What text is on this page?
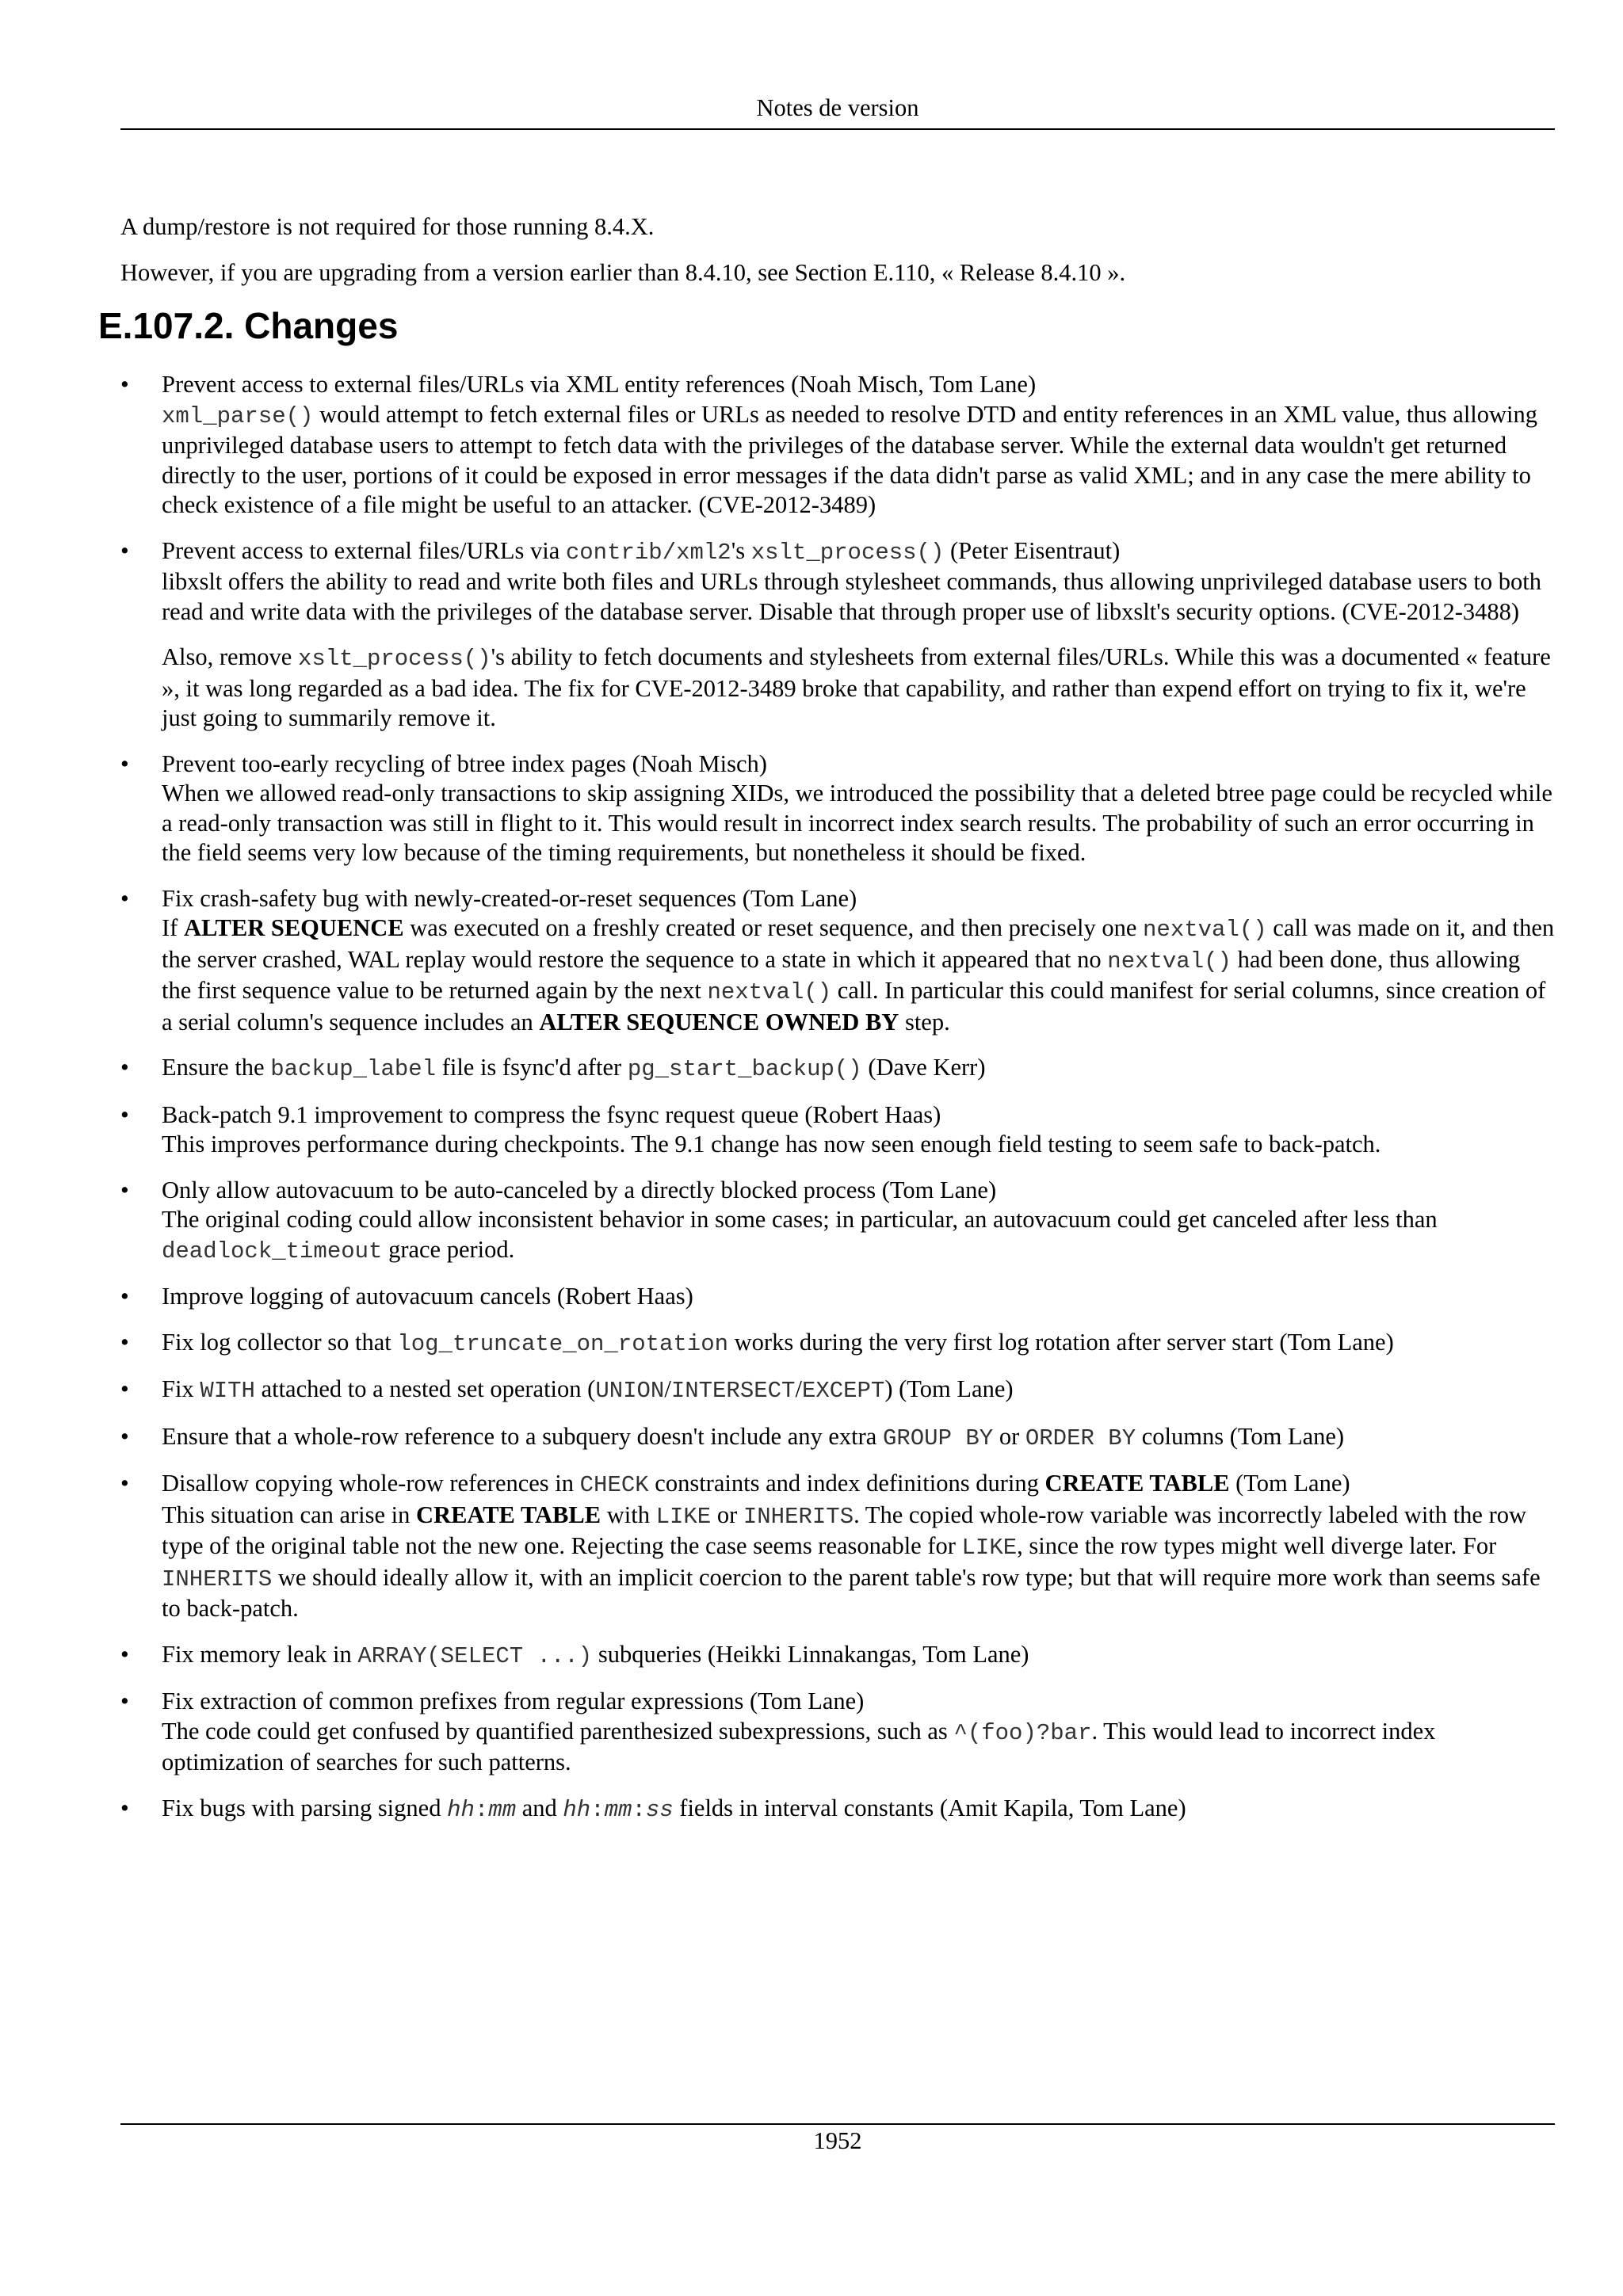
Notes de version

A dump/restore is not required for those running 8.4.X.

However, if you are upgrading from a version earlier than 8.4.10, see Section E.110, « Release 8.4.10 ».

E.107.2. Changes
• Prevent access to external files/URLs via XML entity references (Noah Misch, Tom Lane)

xml_parse() would attempt to fetch external files or URLs as needed to resolve DTD and entity references in an XML value, thus allowing unprivileged database users to attempt to fetch data with the privileges of the database server. While the external data wouldn't get returned directly to the user, portions of it could be exposed in error messages if the data didn't parse as valid XML; and in any case the mere ability to check existence of a file might be useful to an attacker. (CVE-2012-3489)

• Prevent access to external files/URLs via contrib/xml2's xslt_process() (Peter Eisentraut)

libxslt offers the ability to read and write both files and URLs through stylesheet commands, thus allowing unprivileged database users to both read and write data with the privileges of the database server. Disable that through proper use of libxslt's security options. (CVE-2012-3488)

Also, remove xslt_process()'s ability to fetch documents and stylesheets from external files/URLs. While this was a documented « feature », it was long regarded as a bad idea. The fix for CVE-2012-3489 broke that capability, and rather than expend effort on trying to fix it, we're just going to summarily remove it.

• Prevent too-early recycling of btree index pages (Noah Misch)

When we allowed read-only transactions to skip assigning XIDs, we introduced the possibility that a deleted btree page could be recycled while a read-only transaction was still in flight to it. This would result in incorrect index search results. The probability of such an error occurring in the field seems very low because of the timing requirements, but nonetheless it should be fixed.

• Fix crash-safety bug with newly-created-or-reset sequences (Tom Lane)

If ALTER SEQUENCE was executed on a freshly created or reset sequence, and then precisely one nextval() call was made on it, and then the server crashed, WAL replay would restore the sequence to a state in which it appeared that no nextval() had been done, thus allowing the first sequence value to be returned again by the next nextval() call. In particular this could manifest for serial columns, since creation of a serial column's sequence includes an ALTER SEQUENCE OWNED BY step.

• Ensure the backup_label file is fsync'd after pg_start_backup() (Dave Kerr)
• Back-patch 9.1 improvement to compress the fsync request queue (Robert Haas)

This improves performance during checkpoints. The 9.1 change has now seen enough field testing to seem safe to back-patch.

• Only allow autovacuum to be auto-canceled by a directly blocked process (Tom Lane)

The original coding could allow inconsistent behavior in some cases; in particular, an autovacuum could get canceled after less than deadlock_timeout grace period.

• Improve logging of autovacuum cancels (Robert Haas)
• Fix log collector so that log_truncate_on_rotation works during the very first log rotation after server start (Tom Lane)
• Fix WITH attached to a nested set operation (UNION/INTERSECT/EXCEPT) (Tom Lane)
• Ensure that a whole-row reference to a subquery doesn't include any extra GROUP BY or ORDER BY columns (Tom Lane)
• Disallow copying whole-row references in CHECK constraints and index definitions during CREATE TABLE (Tom Lane)

This situation can arise in CREATE TABLE with LIKE or INHERITS. The copied whole-row variable was incorrectly labeled with the row type of the original table not the new one. Rejecting the case seems reasonable for LIKE, since the row types might well diverge later. For INHERITS we should ideally allow it, with an implicit coercion to the parent table's row type; but that will require more work than seems safe to back-patch.

• Fix memory leak in ARRAY(SELECT ...) subqueries (Heikki Linnakangas, Tom Lane)
• Fix extraction of common prefixes from regular expressions (Tom Lane)

The code could get confused by quantified parenthesized subexpressions, such as ^(foo)?bar. This would lead to incorrect index optimization of searches for such patterns.

• Fix bugs with parsing signed hh:mm and hh:mm:ss fields in interval constants (Amit Kapila, Tom Lane)
1952
